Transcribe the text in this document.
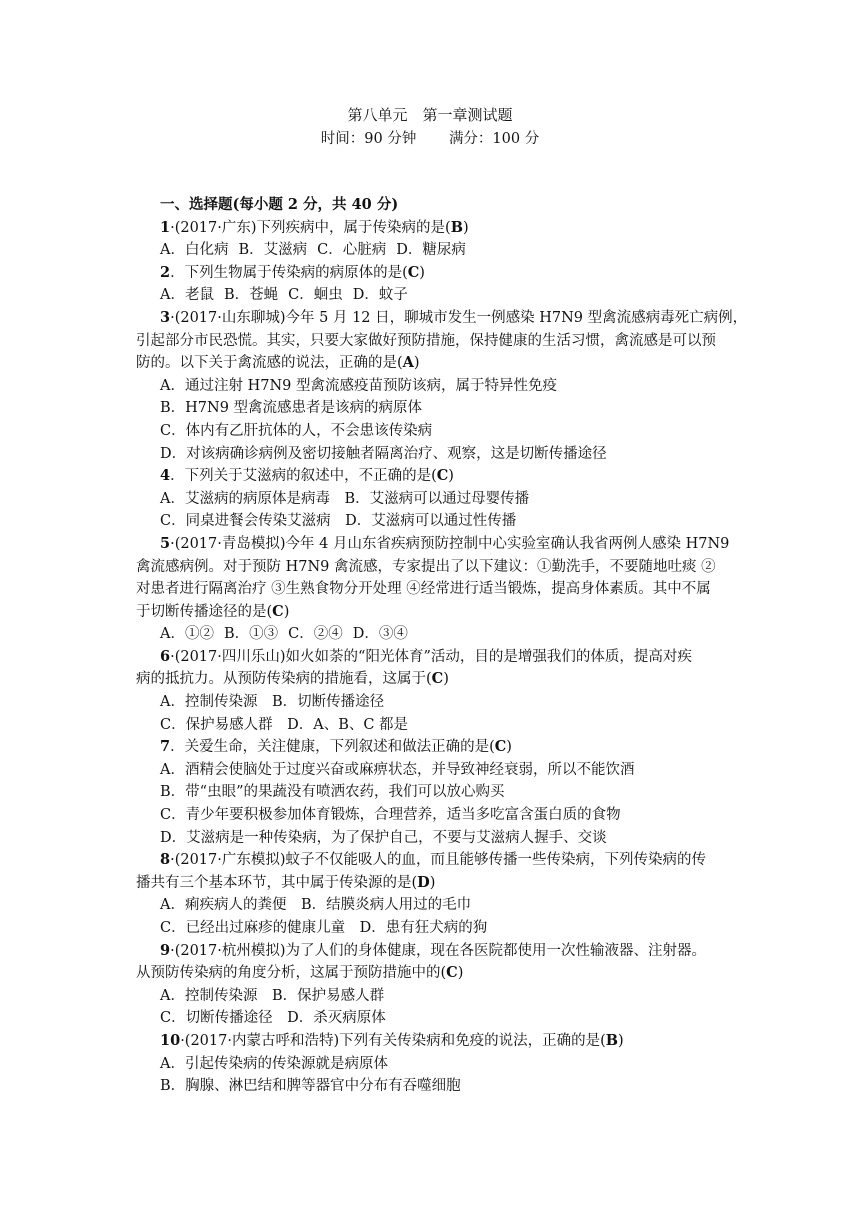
第八单元　第一章测试题
时间：90 分钟 满分：100 分
一、选择题(每小题 2 分，共 40 分)
1·(2017·广东)下列疾病中，属于传染病的是(B)
A．白化病 B．艾滋病 C．心脏病 D．糖尿病
2．下列生物属于传染病的病原体的是(C)
A．老鼠 B．苍蝇 C．蛔虫 D．蚊子
3·(2017·山东聊城)今年 5 月 12 日，聊城市发生一例感染 H7N9 型禽流感病毒死亡病例，
引起部分市民恐慌。其实，只要大家做好预防措施，保持健康的生活习惯，禽流感是可以预
防的。以下关于禽流感的说法，正确的是(A)
A．通过注射 H7N9 型禽流感疫苗预防该病，属于特异性免疫
B．H7N9 型禽流感患者是该病的病原体
C．体内有乙肝抗体的人，不会患该传染病
D．对该病确诊病例及密切接触者隔离治疗、观察，这是切断传播途径
4．下列关于艾滋病的叙述中，不正确的是(C)
A．艾滋病的病原体是病毒　B．艾滋病可以通过母婴传播
C．同桌进餐会传染艾滋病　D．艾滋病可以通过性传播
5·(2017·青岛模拟)今年 4 月山东省疾病预防控制中心实验室确认我省两例人感染 H7N9
禽流感病例。对于预防 H7N9 禽流感，专家提出了以下建议：①勤洗手，不要随地吐痰 ②
对患者进行隔离治疗 ③生熟食物分开处理 ④经常进行适当锻炼，提高身体素质。其中不属
于切断传播途径的是(C)
A．①② B．①③ C．②④ D．③④
6·(2017·四川乐山)如火如荼的“阳光体育”活动，目的是增强我们的体质，提高对疾
病的抵抗力。从预防传染病的措施看，这属于(C)
A．控制传染源　B．切断传播途径
C．保护易感人群　D．A、B、C 都是
7．关爱生命，关注健康，下列叙述和做法正确的是(C)
A．酒精会使脑处于过度兴奋或麻痹状态，并导致神经衰弱，所以不能饮酒
B．带“虫眼”的果蔬没有喷洒农药，我们可以放心购买
C．青少年要积极参加体育锻炼，合理营养，适当多吃富含蛋白质的食物
D．艾滋病是一种传染病，为了保护自己，不要与艾滋病人握手、交谈
8·(2017·广东模拟)蚊子不仅能吸人的血，而且能够传播一些传染病，下列传染病的传
播共有三个基本环节，其中属于传染源的是(D)
A．痢疾病人的粪便　B．结膜炎病人用过的毛巾
C．已经出过麻疹的健康儿童　D．患有狂犬病的狗
9·(2017·杭州模拟)为了人们的身体健康，现在各医院都使用一次性输液器、注射器。
从预防传染病的角度分析，这属于预防措施中的(C)
A．控制传染源　B．保护易感人群
C．切断传播途径　D．杀灭病原体
10·(2017·内蒙古呼和浩特)下列有关传染病和免疫的说法，正确的是(B)
A．引起传染病的传染源就是病原体
B．胸腺、淋巴结和脾等器官中分布有吞噬细胞
